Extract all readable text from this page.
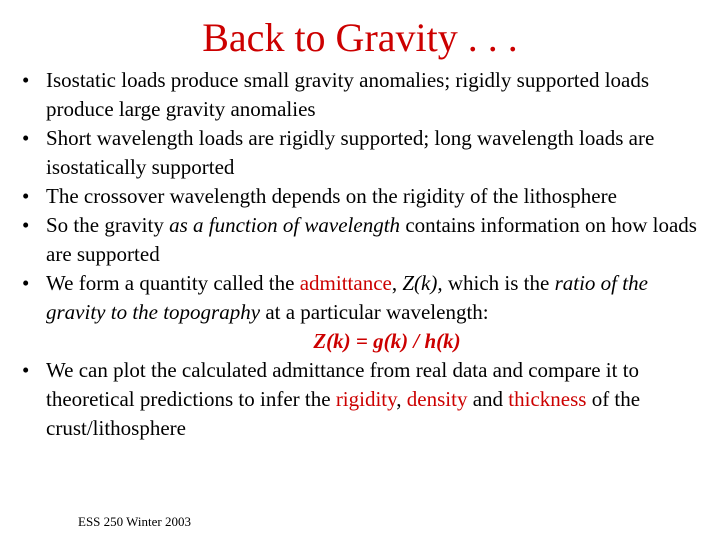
Back to Gravity . . .
• Isostatic loads produce small gravity anomalies; rigidly supported loads produce large gravity anomalies
• Short wavelength loads are rigidly supported; long wavelength loads are isostatically supported
• The crossover wavelength depends on the rigidity of the lithosphere
• So the gravity as a function of wavelength contains information on how loads are supported
• We form a quantity called the admittance, Z(k), which is the ratio of the gravity to the topography at a particular wavelength:
Z(k) = g(k) / h(k)
• We can plot the calculated admittance from real data and compare it to theoretical predictions to infer the rigidity, density and thickness of the crust/lithosphere
ESS 250 Winter 2003
